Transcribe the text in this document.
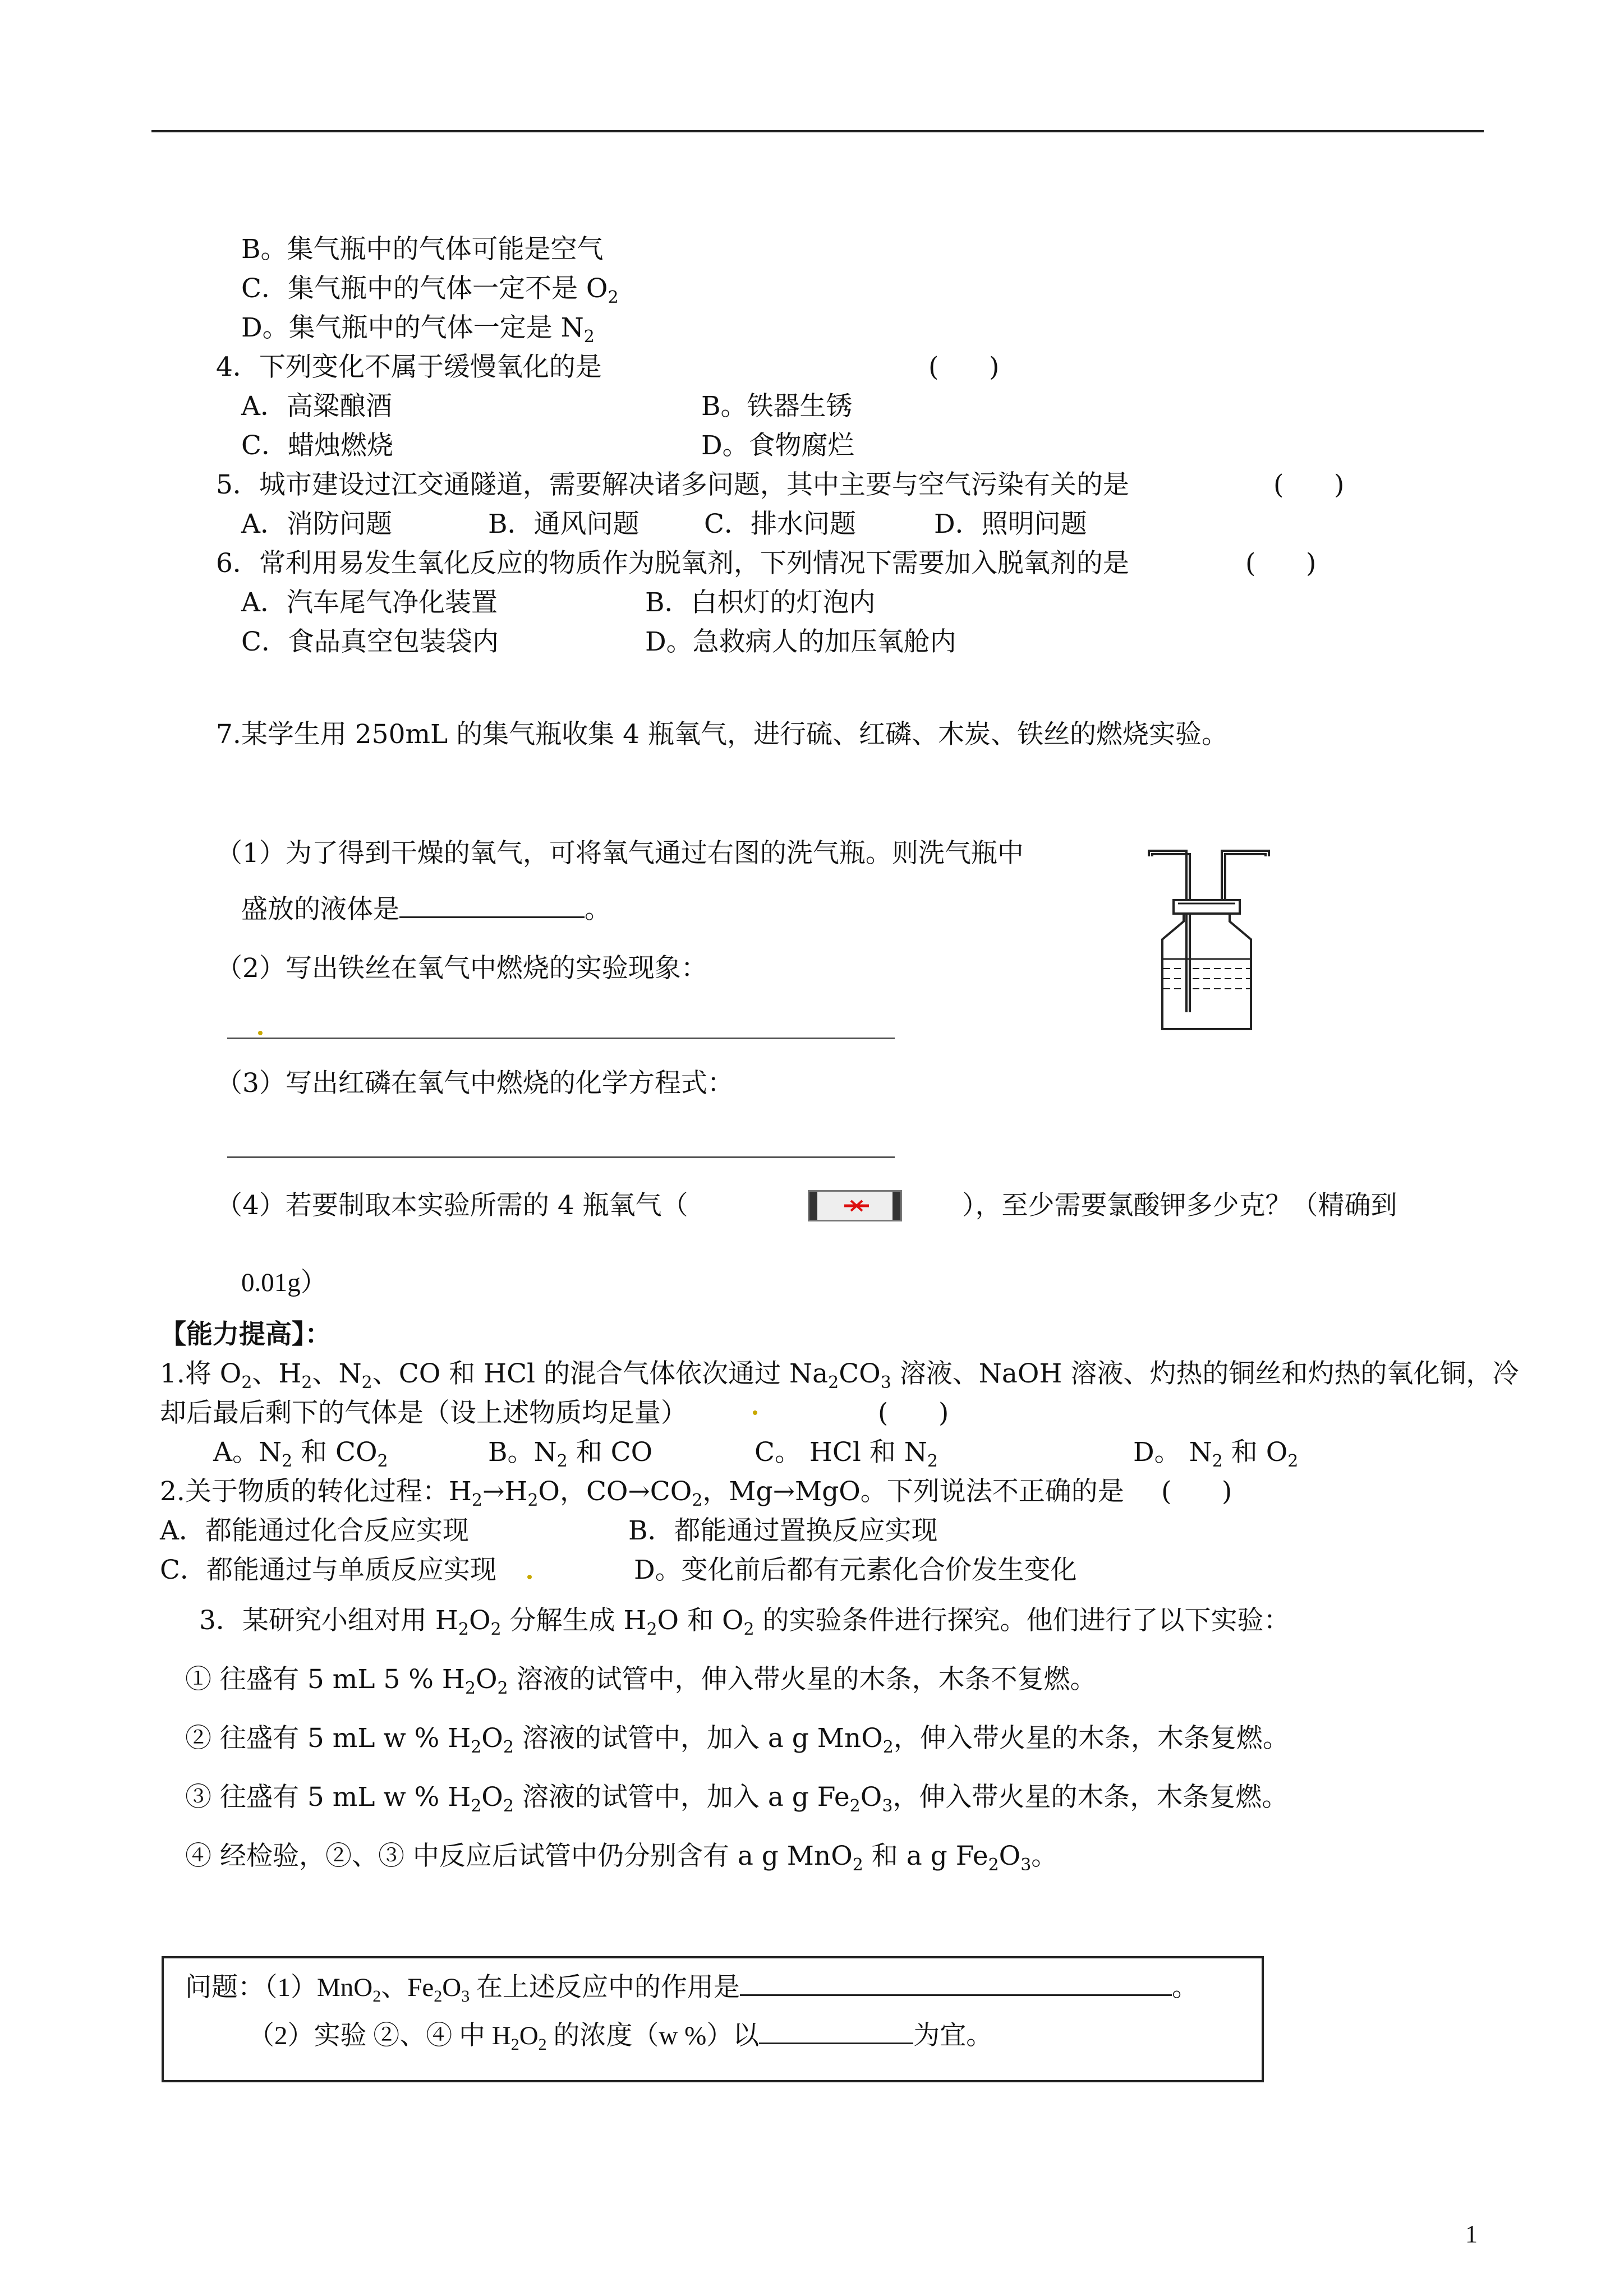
B。集气瓶中的气体可能是空气
C．集气瓶中的气体一定不是 $O_2$
D。集气瓶中的气体一定是 $N_2$
4．下列变化不属于缓慢氧化的是	(      )
A．高粱酿酒	B。铁器生锈
C．蜡烛燃烧	D。食物腐烂
5．城市建设过江交通隧道，需要解决诸多问题，其中主要与空气污染有关的是	(      )
A．消防问题	B．通风问题 C．排水问题	D．照明问题
6．常利用易发生氧化反应的物质作为脱氧剂，下列情况下需要加入脱氧剂的是	(      )
A．汽车尾气净化装置	B．白枳灯的灯泡内
C．食品真空包装袋内	D。急救病人的加压氧舱内
7.某学生用 250mL 的集气瓶收集 4 瓶氧气，进行硫、红磷、木炭、铁丝的燃烧实验。
（1）为了得到干燥的氧气，可将氧气通过右图的洗气瓶。则洗气瓶中
盛放的液体是	。
（2）写出铁丝在氧气中燃烧的实验现象：
（3）写出红磷在氧气中燃烧的化学方程式：
（4）若要制取本实验所需的 4 瓶氧气（	），至少需要氯酸钾多少克？（精确到
0.01g）
【能力提高】：
1.将 $O_2$、$H_2$、$N_2$、CO 和 HCl 的混合气体依次通过 $Na_2CO_3$ 溶液、NaOH 溶液、灼热的铜丝和灼热的氧化铜，冷
却后最后剩下的气体是（设上述物质均足量）	(      )
A。$N_2$ 和 $CO_2$	B。$N_2$ 和 CO	C。 HCl 和 $N_2$	D。 $N_2$ 和 $O_2$
2.关于物质的转化过程：$H_2\to H_2O$，$CO\to CO_2$，Mg→MgO。下列说法不正确的是 (      )
A．都能通过化合反应实现	B．都能通过置换反应实现
C．都能通过与单质反应实现	D。变化前后都有元素化合价发生变化
3．某研究小组对用 $H_2O_2$ 分解生成 $H_2O$ 和 $O_2$ 的实验条件进行探究。他们进行了以下实验：
① 往盛有 5 mL 5 % $H_2O_2$ 溶液的试管中，伸入带火星的木条，木条不复燃。
② 往盛有 5 mL w % $H_2O_2$ 溶液的试管中，加入 a g MnO$_2$，伸入带火星的木条，木条复燃。
③ 往盛有 5 mL w % $H_2O_2$ 溶液的试管中，加入 a g $Fe_2O_3$，伸入带火星的木条，木条复燃。
④ 经检验，②、③ 中反应后试管中仍分别含有 a g MnO$_2$ 和 a g $Fe_2O_3$。
问题：（1）MnO$_2$、$Fe_2O_3$ 在上述反应中的作用是	。
（2）实验 ②、④ 中 $H_2O_2$ 的浓度（w %）以	为宜。
1
